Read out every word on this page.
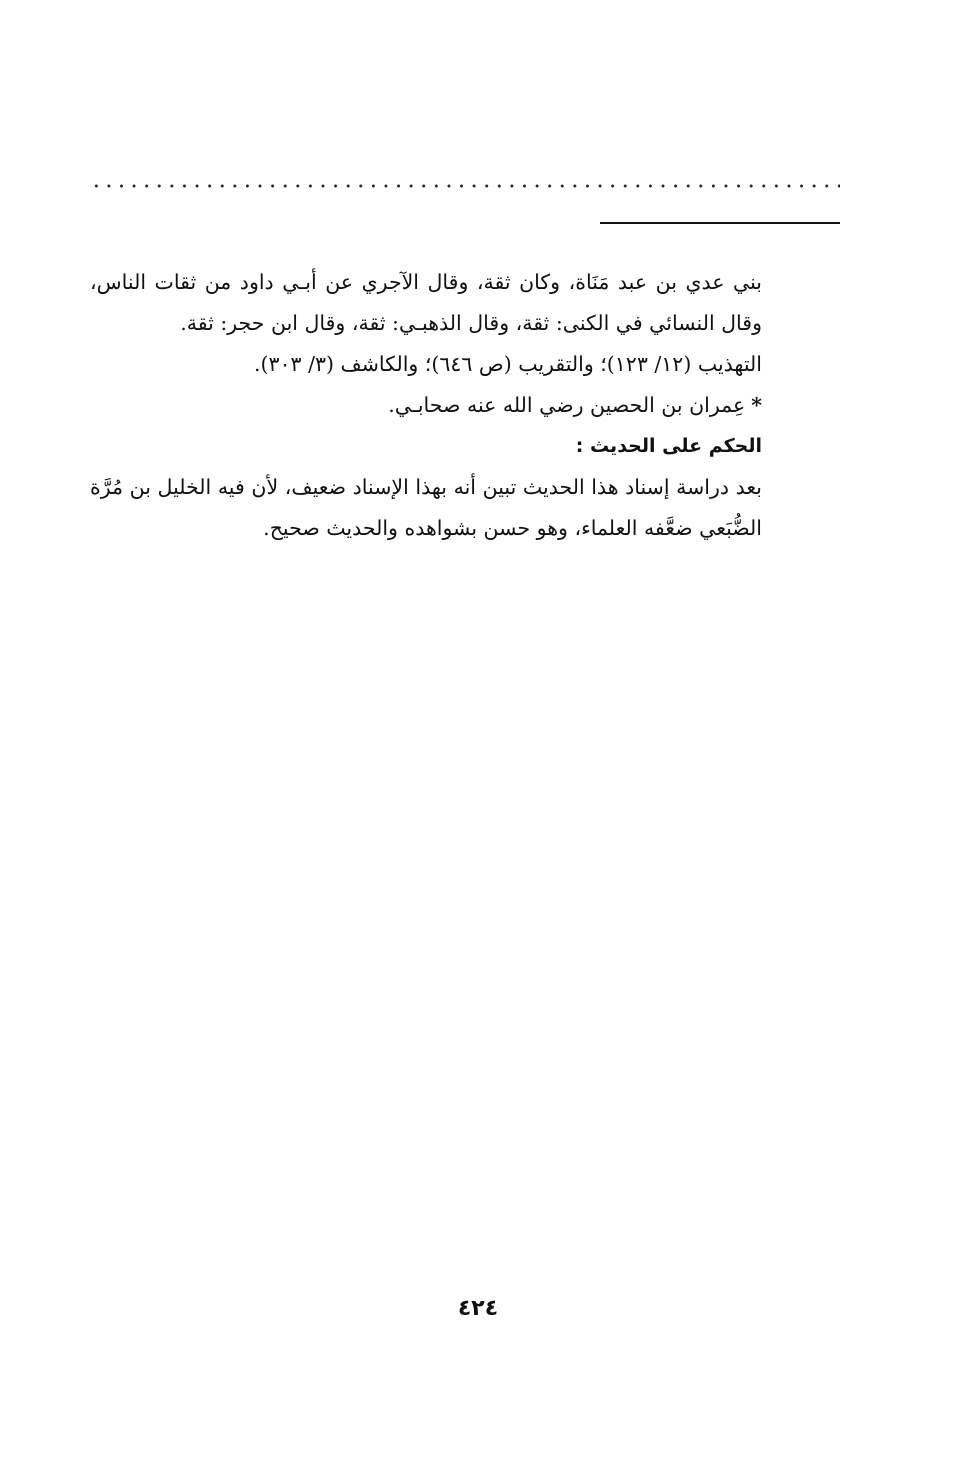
بني عدي بن عبد مَنَاة، وكان ثقة، وقال الآجري عن أبـي داود من ثقات الناس، وقال النسائي في الكنى: ثقة، وقال الذهبـي: ثقة، وقال ابن حجر: ثقة.

التهذيب (١٢/ ١٢٣)؛ والتقريب (ص ٦٤٦)؛ والكاشف (٣/ ٣٠٣).

*عِمران بن الحصين رضي الله عنه صحابـي.

الحكم على الحديث :

بعد دراسة إسناد هذا الحديث تبين أنه بهذا الإسناد ضعيف، لأن فيه الخليل بن مُرَّة الضُّبَعي ضعَّفه العلماء، وهو حسن بشواهده والحديث صحيح.

٤٢٤
